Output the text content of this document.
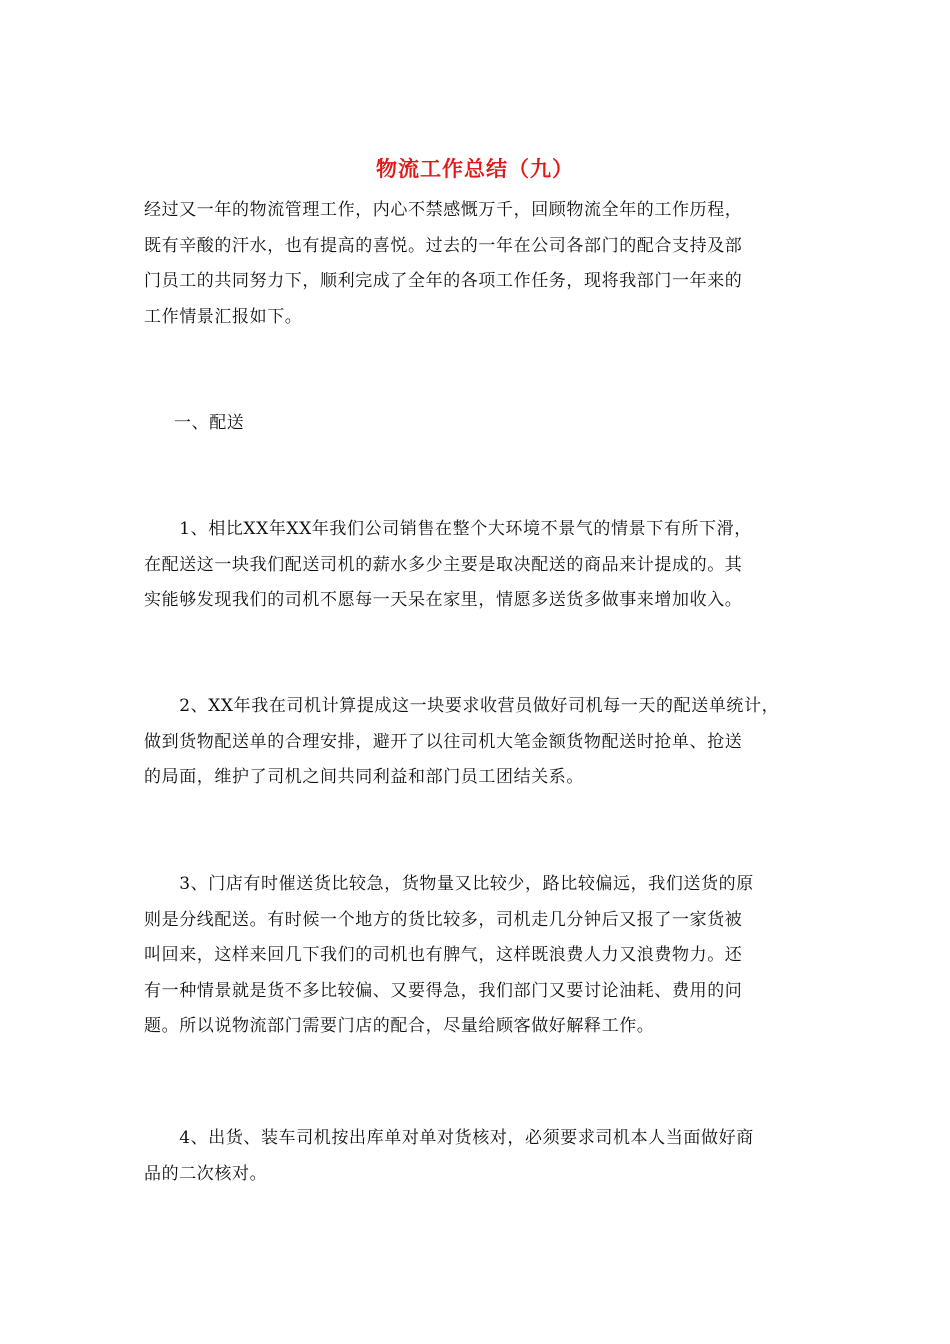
物流工作总结（九）
经过又一年的物流管理工作，内心不禁感慨万千，回顾物流全年的工作历程，
既有辛酸的汗水，也有提高的喜悦。过去的一年在公司各部门的配合支持及部
门员工的共同努力下，顺利完成了全年的各项工作任务，现将我部门一年来的
工作情景汇报如下。
一、配送
　　1、相比XX年XX年我们公司销售在整个大环境不景气的情景下有所下滑，
在配送这一块我们配送司机的薪水多少主要是取决配送的商品来计提成的。其
实能够发现我们的司机不愿每一天呆在家里，情愿多送货多做事来增加收入。
　　2、XX年我在司机计算提成这一块要求收营员做好司机每一天的配送单统计，
做到货物配送单的合理安排，避开了以往司机大笔金额货物配送时抢单、抢送
的局面，维护了司机之间共同利益和部门员工团结关系。
　　3、门店有时催送货比较急，货物量又比较少，路比较偏远，我们送货的原
则是分线配送。有时候一个地方的货比较多，司机走几分钟后又报了一家货被
叫回来，这样来回几下我们的司机也有脾气，这样既浪费人力又浪费物力。还
有一种情景就是货不多比较偏、又要得急，我们部门又要讨论油耗、费用的问
题。所以说物流部门需要门店的配合，尽量给顾客做好解释工作。
　　4、出货、装车司机按出库单对单对货核对，必须要求司机本人当面做好商
品的二次核对。
